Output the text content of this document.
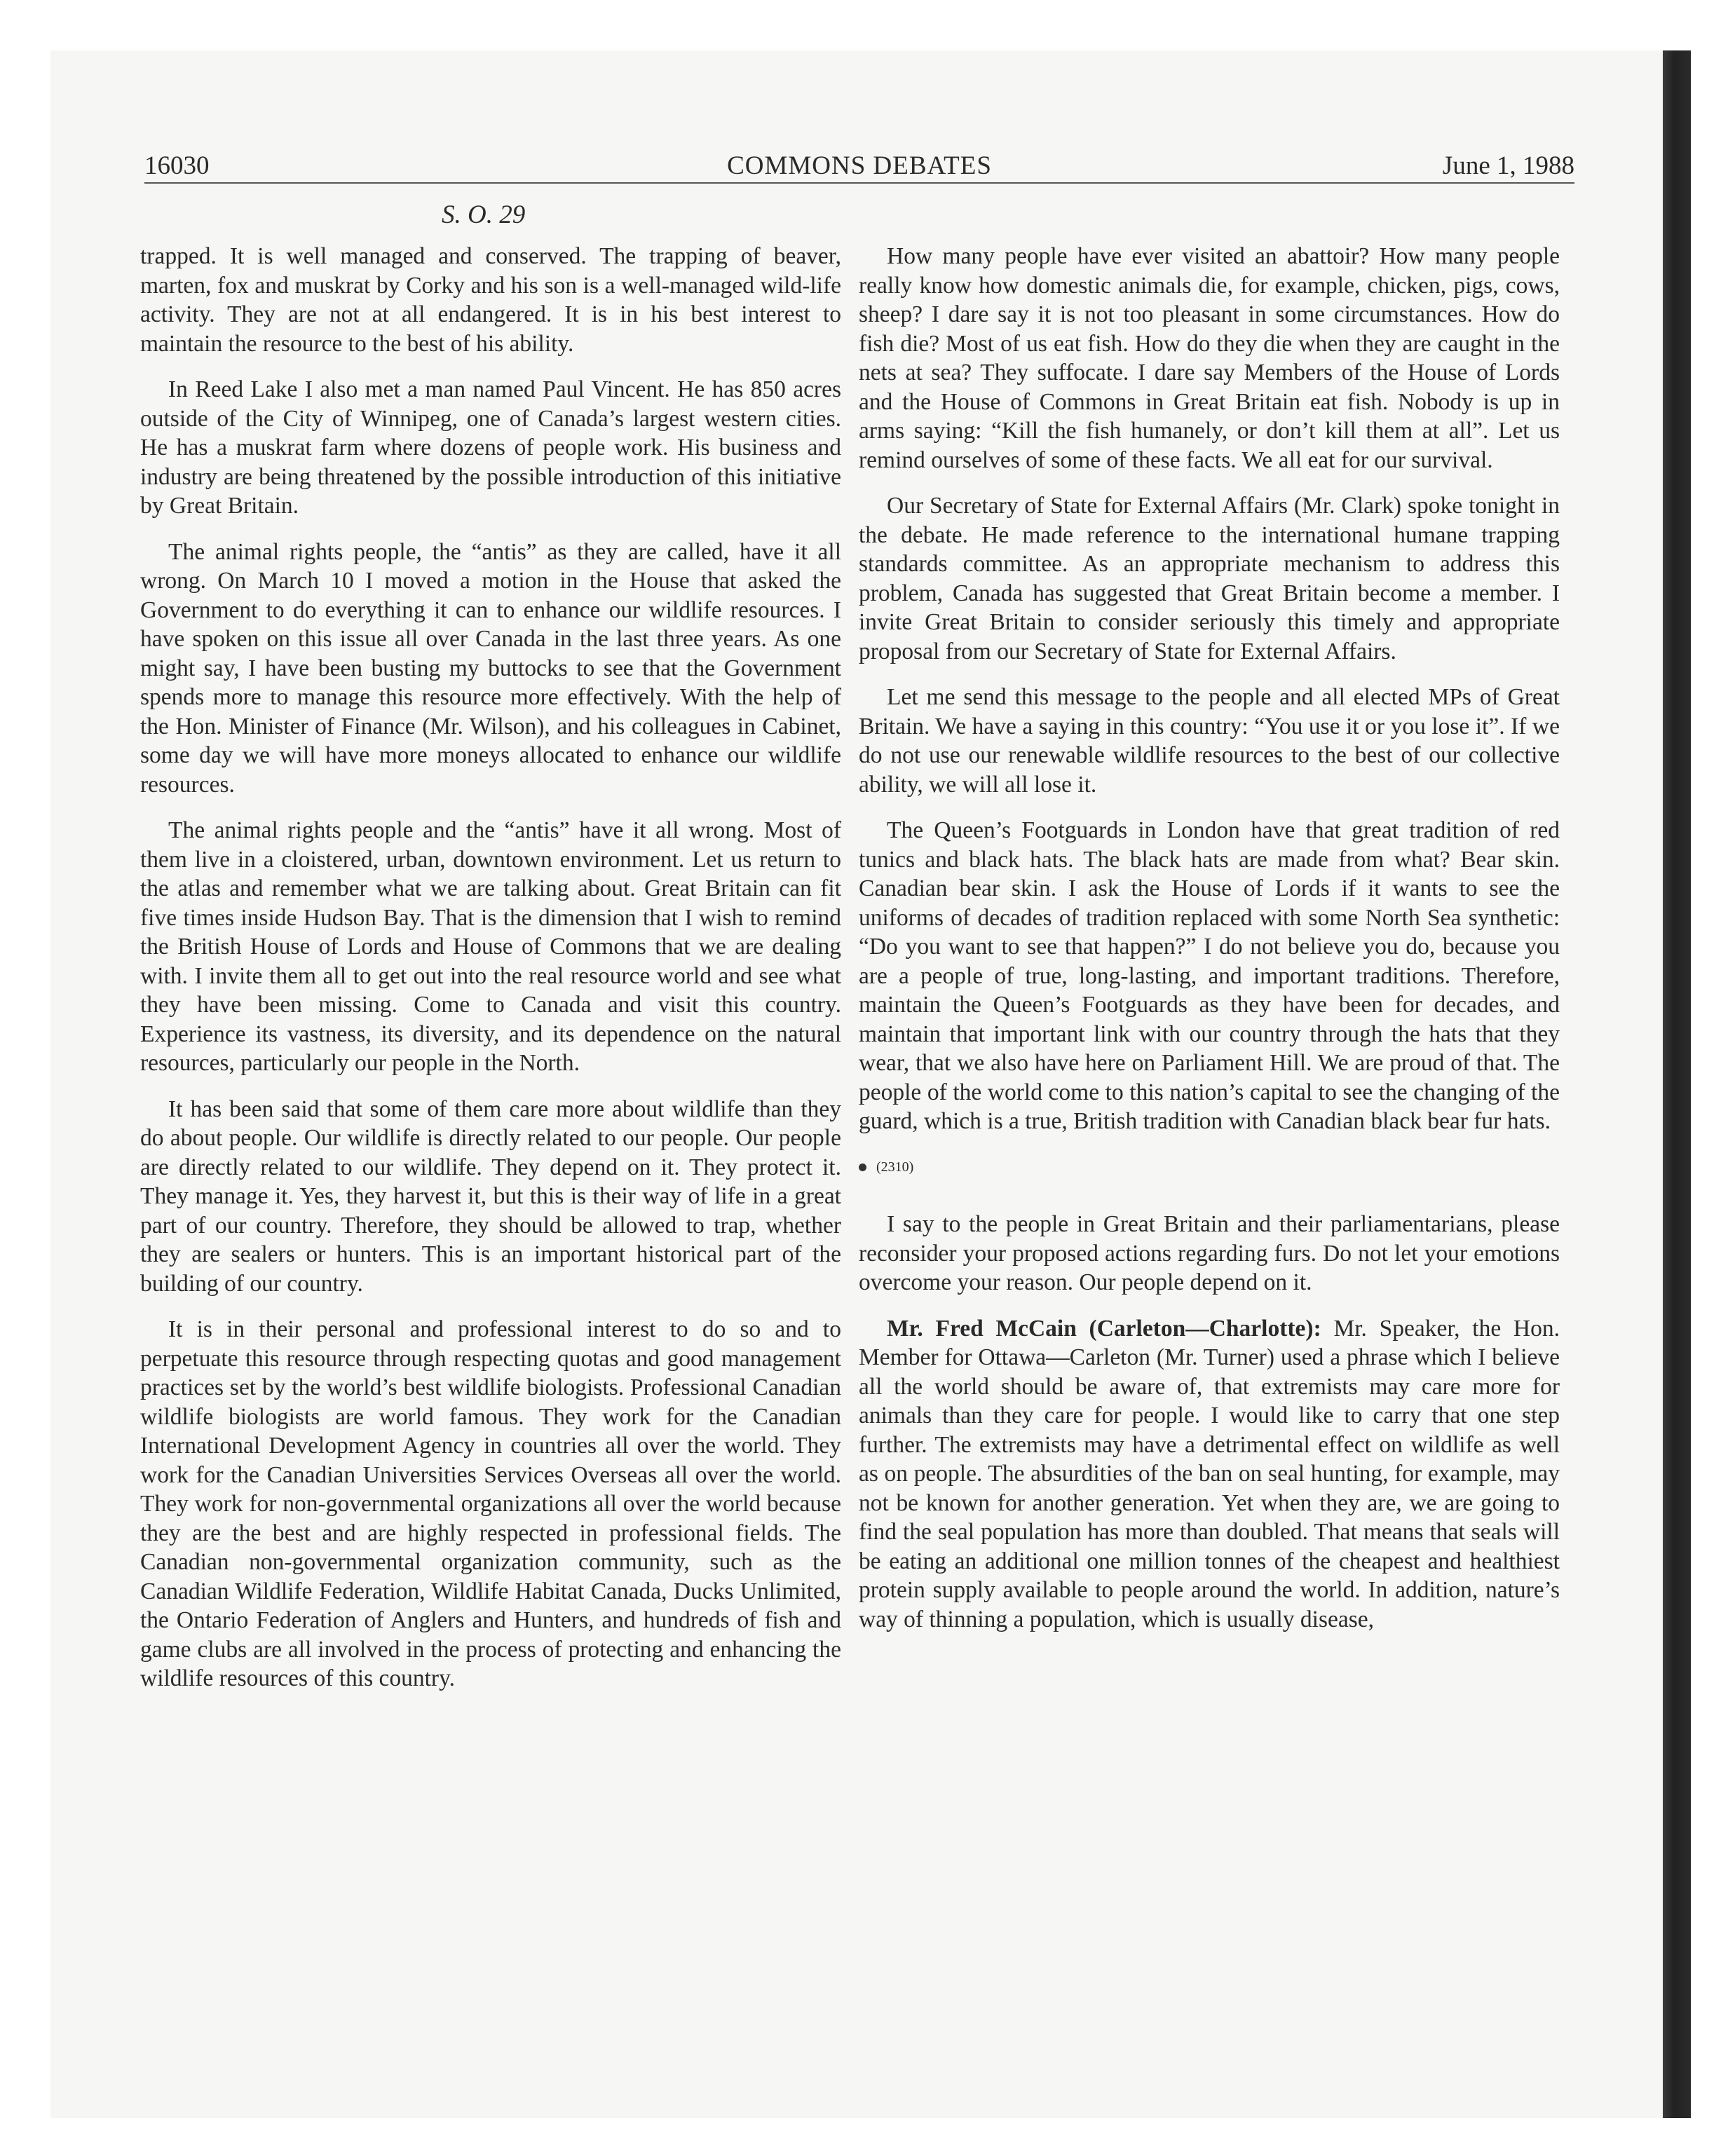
16030	COMMONS DEBATES	June 1, 1988
S. O. 29

trapped. It is well managed and conserved. The trapping of beaver, marten, fox and muskrat by Corky and his son is a well-managed wild-life activity. They are not at all endangered. It is in his best interest to maintain the resource to the best of his ability.

In Reed Lake I also met a man named Paul Vincent. He has 850 acres outside of the City of Winnipeg, one of Canada’s largest western cities. He has a muskrat farm where dozens of people work. His business and industry are being threatened by the possible introduction of this initiative by Great Britain.

The animal rights people, the “antis” as they are called, have it all wrong. On March 10 I moved a motion in the House that asked the Government to do everything it can to enhance our wildlife resources. I have spoken on this issue all over Canada in the last three years. As one might say, I have been busting my buttocks to see that the Government spends more to manage this resource more effectively. With the help of the Hon. Minister of Finance (Mr. Wilson), and his colleagues in Cabinet, some day we will have more moneys allocated to enhance our wildlife resources.

The animal rights people and the “antis” have it all wrong. Most of them live in a cloistered, urban, downtown environment. Let us return to the atlas and remember what we are talking about. Great Britain can fit five times inside Hudson Bay. That is the dimension that I wish to remind the British House of Lords and House of Commons that we are dealing with. I invite them all to get out into the real resource world and see what they have been missing. Come to Canada and visit this country. Experience its vastness, its diversity, and its dependence on the natural resources, particularly our people in the North.

It has been said that some of them care more about wildlife than they do about people. Our wildlife is directly related to our people. Our people are directly related to our wildlife. They depend on it. They protect it. They manage it. Yes, they harvest it, but this is their way of life in a great part of our country. Therefore, they should be allowed to trap, whether they are sealers or hunters. This is an important historical part of the building of our country.

It is in their personal and professional interest to do so and to perpetuate this resource through respecting quotas and good management practices set by the world’s best wildlife biologists. Professional Canadian wildlife biologists are world famous. They work for the Canadian International Development Agency in countries all over the world. They work for the Canadian Universities Services Overseas all over the world. They work for non-governmental organizations all over the world because they are the best and are highly respected in professional fields. The Canadian non-governmental organization community, such as the Canadian Wildlife Federation, Wildlife Habitat Canada, Ducks Unlimited, the Ontario Federation of Anglers and Hunters, and hundreds of fish and game clubs are all involved in the process of protecting and enhancing the wildlife resources of this country.

How many people have ever visited an abattoir? How many people really know how domestic animals die, for example, chicken, pigs, cows, sheep? I dare say it is not too pleasant in some circumstances. How do fish die? Most of us eat fish. How do they die when they are caught in the nets at sea? They suffocate. I dare say Members of the House of Lords and the House of Commons in Great Britain eat fish. Nobody is up in arms saying: “Kill the fish humanely, or don’t kill them at all”. Let us remind ourselves of some of these facts. We all eat for our survival.

Our Secretary of State for External Affairs (Mr. Clark) spoke tonight in the debate. He made reference to the international humane trapping standards committee. As an appropriate mechanism to address this problem, Canada has suggested that Great Britain become a member. I invite Great Britain to consider seriously this timely and appropriate proposal from our Secretary of State for External Affairs.

Let me send this message to the people and all elected MPs of Great Britain. We have a saying in this country: “You use it or you lose it”. If we do not use our renewable wildlife resources to the best of our collective ability, we will all lose it.

The Queen’s Footguards in London have that great tradition of red tunics and black hats. The black hats are made from what? Bear skin. Canadian bear skin. I ask the House of Lords if it wants to see the uniforms of decades of tradition replaced with some North Sea synthetic: “Do you want to see that happen?” I do not believe you do, because you are a people of true, long-lasting, and important traditions. Therefore, maintain the Queen’s Footguards as they have been for decades, and maintain that important link with our country through the hats that they wear, that we also have here on Parliament Hill. We are proud of that. The people of the world come to this nation’s capital to see the changing of the guard, which is a true, British tradition with Canadian black bear fur hats.

(2310)

I say to the people in Great Britain and their parliamentarians, please reconsider your proposed actions regarding furs. Do not let your emotions overcome your reason. Our people depend on it.

Mr. Fred McCain (Carleton—Charlotte): Mr. Speaker, the Hon. Member for Ottawa—Carleton (Mr. Turner) used a phrase which I believe all the world should be aware of, that extremists may care more for animals than they care for people. I would like to carry that one step further. The extremists may have a detrimental effect on wildlife as well as on people. The absurdities of the ban on seal hunting, for example, may not be known for another generation. Yet when they are, we are going to find the seal population has more than doubled. That means that seals will be eating an additional one million tonnes of the cheapest and healthiest protein supply available to people around the world. In addition, nature’s way of thinning a population, which is usually disease,
